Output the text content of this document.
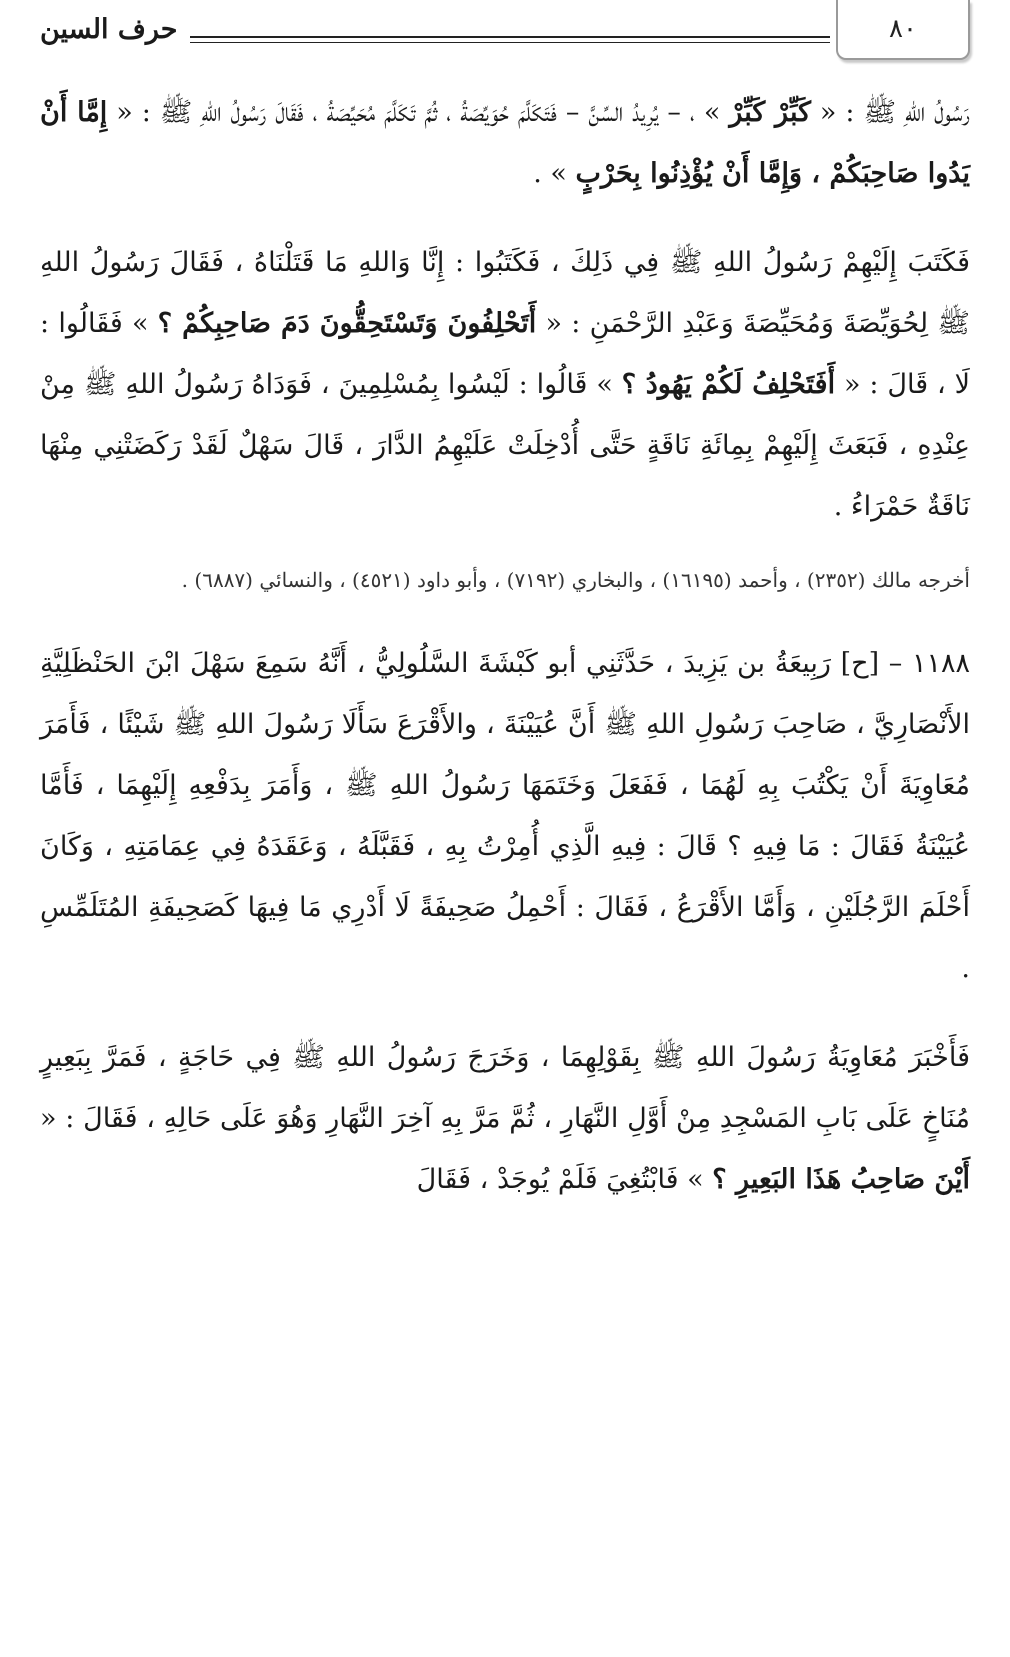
٨٠
حرف السين

رَسُولُ اللهِ ﷺ : « كَبِّرْ كَبِّرْ » ، – يُرِيدُ السِّنَّ – فَتَكَلَّمَ حُوَيِّصَةُ ، ثُمَّ تَكَلَّمَ مُحَيِّصَةُ ، فَقَالَ رَسُولُ اللهِ ﷺ : « إِمَّا أَنْ يَدُوا صَاحِبَكُمْ ، وَإِمَّا أَنْ يُؤْذِنُوا بِحَرْبٍ » .

فَكَتَبَ إِلَيْهِمْ رَسُولُ اللهِ ﷺ فِي ذَلِكَ ، فَكَتَبُوا : إِنَّا وَاللهِ مَا قَتَلْنَاهُ ، فَقَالَ رَسُولُ اللهِ ﷺ لِحُوَيِّصَةَ وَمُحَيِّصَةَ وَعَبْدِ الرَّحْمَنِ : « أَتَحْلِفُونَ وَتَسْتَحِقُّونَ دَمَ صَاحِبِكُمْ ؟ » فَقَالُوا : لَا ، قَالَ : « أَفَتَحْلِفُ لَكُمْ يَهُودُ ؟ » قَالُوا : لَيْسُوا بِمُسْلِمِينَ ، فَوَدَاهُ رَسُولُ اللهِ ﷺ مِنْ عِنْدِهِ ، فَبَعَثَ إِلَيْهِمْ بِمِائَةِ نَاقَةٍ حَتَّى أُدْخِلَتْ عَلَيْهِمُ الدَّارَ ، قَالَ سَهْلٌ لَقَدْ رَكَضَتْنِي مِنْهَا نَاقَةٌ حَمْرَاءُ .

أخرجه مالك (٢٣٥٢) ، وأحمد (١٦١٩٥) ، والبخاري (٧١٩٢) ، وأبو داود (٤٥٢١) ، والنسائي (٦٨٨٧) .

١١٨٨ – [ح] رَبِيعَةُ بن يَزِيدَ ، حَدَّثَنِي أبو كَبْشَةَ السَّلُولِيُّ ، أَنَّهُ سَمِعَ سَهْلَ ابْنَ الحَنْظَلِيَّةِ الأَنْصَارِيَّ ، صَاحِبَ رَسُولِ اللهِ ﷺ أَنَّ عُيَيْنَةَ ، والأَقْرَعَ سَأَلَا رَسُولَ اللهِ ﷺ شَيْئًا ، فَأَمَرَ مُعَاوِيَةَ أَنْ يَكْتُبَ بِهِ لَهُمَا ، فَفَعَلَ وَخَتَمَهَا رَسُولُ اللهِ ﷺ ، وَأَمَرَ بِدَفْعِهِ إِلَيْهِمَا ، فَأَمَّا عُيَيْنَةُ فَقَالَ : مَا فِيهِ ؟ قَالَ : فِيهِ الَّذِي أُمِرْتُ بِهِ ، فَقَبَّلَهُ ، وَعَقَدَهُ فِي عِمَامَتِهِ ، وَكَانَ أَحْلَمَ الرَّجُلَيْنِ ، وَأَمَّا الأَقْرَعُ ، فَقَالَ : أَحْمِلُ صَحِيفَةً لَا أَدْرِي مَا فِيهَا كَصَحِيفَةِ المُتَلَمِّسِ .

فَأَخْبَرَ مُعَاوِيَةُ رَسُولَ اللهِ ﷺ بِقَوْلِهِمَا ، وَخَرَجَ رَسُولُ اللهِ ﷺ فِي حَاجَةٍ ، فَمَرَّ بِبَعِيرٍ مُنَاخٍ عَلَى بَابِ المَسْجِدِ مِنْ أَوَّلِ النَّهَارِ ، ثُمَّ مَرَّ بِهِ آخِرَ النَّهَارِ وَهُوَ عَلَى حَالِهِ ، فَقَالَ : « أَيْنَ صَاحِبُ هَذَا البَعِيرِ ؟ » فَابْتُغِيَ فَلَمْ يُوجَدْ ، فَقَالَ
